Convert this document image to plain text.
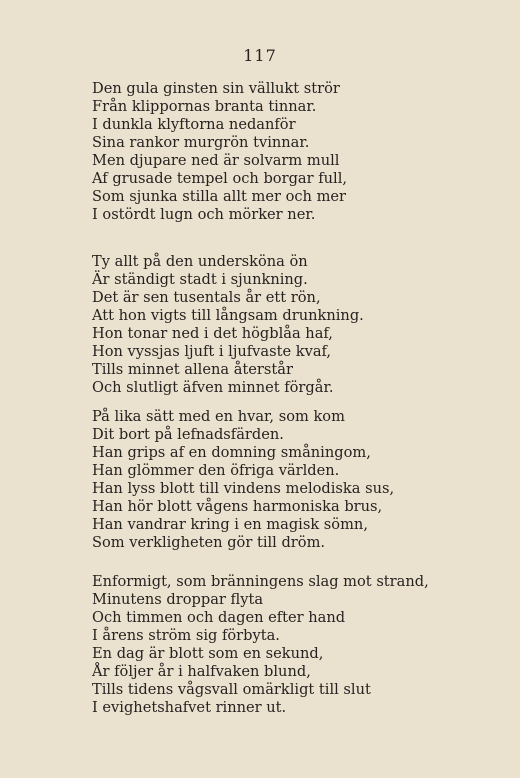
117
Den gula ginsten sin vällukt strör
Från klippornas branta tinnar.
I dunkla klyftorna nedanför
Sina rankor murgrön tvinnar.
Men djupare ned är solvarm mull
Af grusade tempel och borgar full,
Som sjunka stilla allt mer och mer
I ostördt lugn och mörker ner.
Ty allt på den undersköna ön
Är ständigt stadt i sjunkning.
Det är sen tusentals år ett rön,
Att hon vigts till långsam drunkning.
Hon tonar ned i det högblåa haf,
Hon vyssjas ljuft i ljufvaste kvaf,
Tills minnet allena återstår
Och slutligt äfven minnet förgår.
På lika sätt med en hvar, som kom
Dit bort på lefnadsfärden.
Han grips af en domning småningom,
Han glömmer den öfriga världen.
Han lyss blott till vindens melodiska sus,
Han hör blott vågens harmoniska brus,
Han vandrar kring i en magisk sömn,
Som verkligheten gör till dröm.
Enformigt, som bränningens slag mot strand,
Minutens droppar flyta
Och timmen och dagen efter hand
I årens ström sig förbyta.
En dag är blott som en sekund,
År följer år i halfvaken blund,
Tills tidens vågsvall omärkligt till slut
I evighetshafvet rinner ut.
